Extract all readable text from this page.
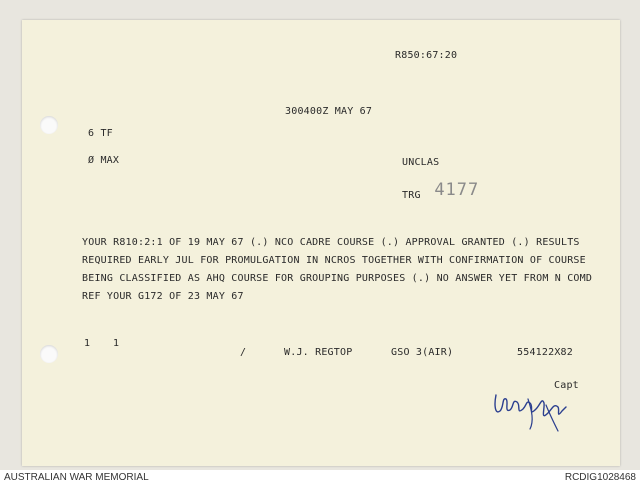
R850:67:20
300400Z MAY 67
6 TF
Ø MAX	UNCLAS
TRG 4177
YOUR R810:2:1 OF 19 MAY 67 (.) NCO CADRE COURSE (.) APPROVAL GRANTED (.) RESULTS
REQUIRED EARLY JUL FOR PROMULGATION IN NCROS TOGETHER WITH CONFIRMATION OF COURSE
BEING CLASSIFIED AS AHQ COURSE FOR GROUPING PURPOSES (.) NO ANSWER YET FROM N COMD
REF YOUR G172 OF 23 MAY 67
1 1
/	W.J. REGTOP	GSO 3(AIR)	554122X82
Capt
AUSTRALIAN WAR MEMORIAL	RCDIG1028468
